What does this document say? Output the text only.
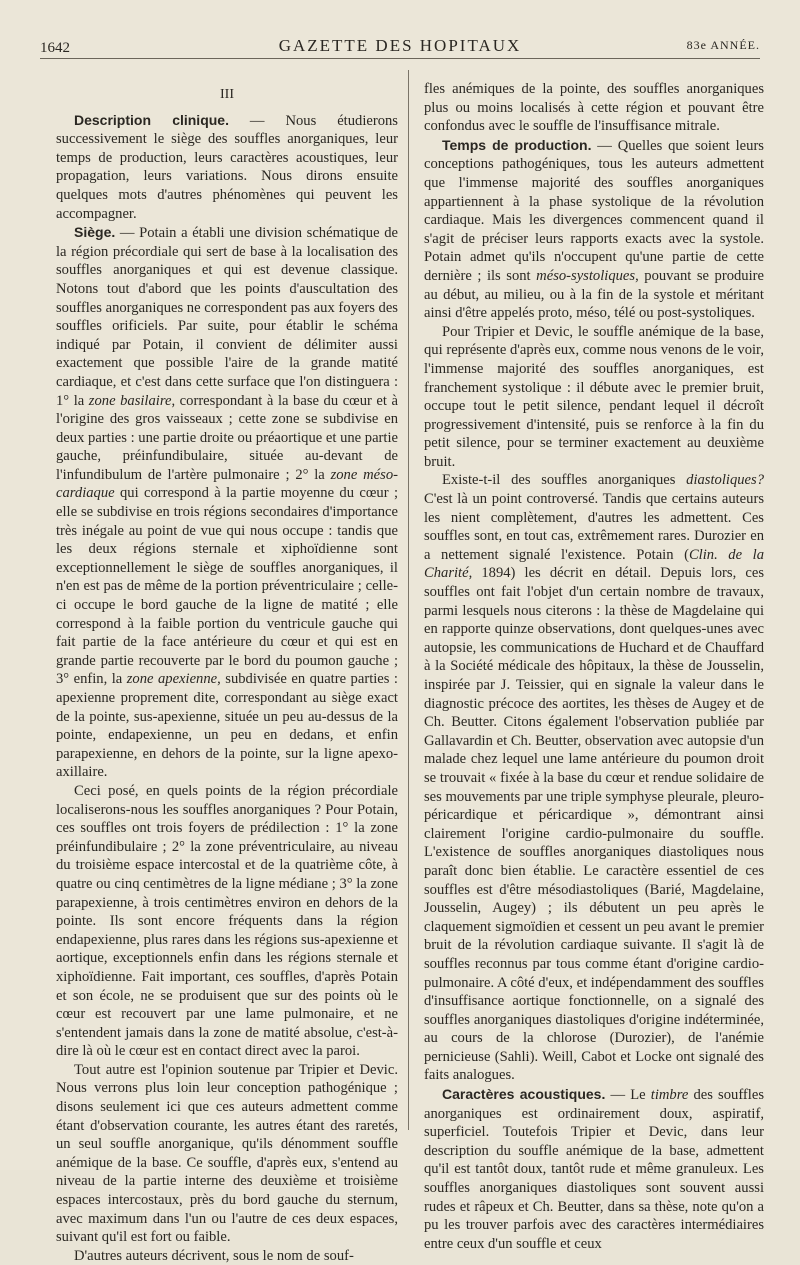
1642	GAZETTE DES HOPITAUX	83e ANNÉE.
III

Description clinique. — Nous étudierons successivement le siège des souffles anorganiques, leur temps de production, leurs caractères acoustiques, leur propagation, leurs variations. Nous dirons ensuite quelques mots d'autres phénomènes qui peuvent les accompagner.

Siège. — Potain a établi une division schématique de la région précordiale qui sert de base à la localisation des souffles anorganiques et qui est devenue classique. Notons tout d'abord que les points d'auscultation des souffles anorganiques ne correspondent pas aux foyers des souffles orificiels. Par suite, pour établir le schéma indiqué par Potain, il convient de délimiter aussi exactement que possible l'aire de la grande matité cardiaque, et c'est dans cette surface que l'on distinguera : 1° la zone basilaire, correspondant à la base du cœur et à l'origine des gros vaisseaux ; cette zone se subdivise en deux parties : une partie droite ou préaortique et une partie gauche, préinfundibulaire, située au-devant de l'infundibulum de l'artère pulmonaire ; 2° la zone méso-cardiaque qui correspond à la partie moyenne du cœur ; elle se subdivise en trois régions secondaires d'importance très inégale au point de vue qui nous occupe : tandis que les deux régions sternale et xiphoïdienne sont exceptionnellement le siège de souffles anorganiques, il n'en est pas de même de la portion préventriculaire ; celle-ci occupe le bord gauche de la ligne de matité ; elle correspond à la faible portion du ventricule gauche qui fait partie de la face antérieure du cœur et qui est en grande partie recouverte par le bord du poumon gauche ; 3° enfin, la zone apexienne, subdivisée en quatre parties : apexienne proprement dite, correspondant au siège exact de la pointe, sus-apexienne, située un peu au-dessus de la pointe, endapexienne, un peu en dedans, et enfin parapexienne, en dehors de la pointe, sur la ligne apexo-axillaire.

Ceci posé, en quels points de la région précordiale localiserons-nous les souffles anorganiques ? Pour Potain, ces souffles ont trois foyers de prédilection : 1° la zone préinfundibulaire ; 2° la zone préventriculaire, au niveau du troisième espace intercostal et de la quatrième côte, à quatre ou cinq centimètres de la ligne médiane ; 3° la zone parapexienne, à trois centimètres environ en dehors de la pointe. Ils sont encore fréquents dans la région endapexienne, plus rares dans les régions sus-apexienne et aortique, exceptionnels enfin dans les régions sternale et xiphoïdienne. Fait important, ces souffles, d'après Potain et son école, ne se produisent que sur des points où le cœur est recouvert par une lame pulmonaire, et ne s'entendent jamais dans la zone de matité absolue, c'est-à-dire là où le cœur est en contact direct avec la paroi.

Tout autre est l'opinion soutenue par Tripier et Devic. Nous verrons plus loin leur conception pathogénique ; disons seulement ici que ces auteurs admettent comme étant d'observation courante, les autres étant des raretés, un seul souffle anorganique, qu'ils dénomment souffle anémique de la base. Ce souffle, d'après eux, s'entend au niveau de la partie interne des deuxième et troisième espaces intercostaux, près du bord gauche du sternum, avec maximum dans l'un ou l'autre de ces deux espaces, suivant qu'il est fort ou faible.

D'autres auteurs décrivent, sous le nom de souf-

fles anémiques de la pointe, des souffles anorganiques plus ou moins localisés à cette région et pouvant être confondus avec le souffle de l'insuffisance mitrale.

Temps de production. — Quelles que soient leurs conceptions pathogéniques, tous les auteurs admettent que l'immense majorité des souffles anorganiques appartiennent à la phase systolique de la révolution cardiaque. Mais les divergences commencent quand il s'agit de préciser leurs rapports exacts avec la systole. Potain admet qu'ils n'occupent qu'une partie de cette dernière ; ils sont méso-systoliques, pouvant se produire au début, au milieu, ou à la fin de la systole et méritant ainsi d'être appelés proto, méso, télé ou post-systoliques.

Pour Tripier et Devic, le souffle anémique de la base, qui représente d'après eux, comme nous venons de le voir, l'immense majorité des souffles anorganiques, est franchement systolique : il débute avec le premier bruit, occupe tout le petit silence, pendant lequel il décroît progressivement d'intensité, puis se renforce à la fin du petit silence, pour se terminer exactement au deuxième bruit.

Existe-t-il des souffles anorganiques diastoliques? C'est là un point controversé. Tandis que certains auteurs les nient complètement, d'autres les admettent. Ces souffles sont, en tout cas, extrêmement rares. Durozier en a nettement signalé l'existence. Potain (Clin. de la Charité, 1894) les décrit en détail. Depuis lors, ces souffles ont fait l'objet d'un certain nombre de travaux, parmi lesquels nous citerons : la thèse de Magdelaine qui en rapporte quinze observations, dont quelques-unes avec autopsie, les communications de Huchard et de Chauffard à la Société médicale des hôpitaux, la thèse de Jousselin, inspirée par J. Teissier, qui en signale la valeur dans le diagnostic précoce des aortites, les thèses de Augey et de Ch. Beutter. Citons également l'observation publiée par Gallavardin et Ch. Beutter, observation avec autopsie d'un malade chez lequel une lame antérieure du poumon droit se trouvait « fixée à la base du cœur et rendue solidaire de ses mouvements par une triple symphyse pleurale, pleuro-péricardique et péricardique », démontrant ainsi clairement l'origine cardio-pulmonaire du souffle. L'existence de souffles anorganiques diastoliques nous paraît donc bien établie. Le caractère essentiel de ces souffles est d'être mésodiastoliques (Barié, Magdelaine, Jousselin, Augey) ; ils débutent un peu après le claquement sigmoïdien et cessent un peu avant le premier bruit de la révolution cardiaque suivante. Il s'agit là de souffles reconnus par tous comme étant d'origine cardio-pulmonaire. A côté d'eux, et indépendamment des souffles d'insuffisance aortique fonctionnelle, on a signalé des souffles anorganiques diastoliques d'origine indéterminée, au cours de la chlorose (Durozier), de l'anémie pernicieuse (Sahli). Weill, Cabot et Locke ont signalé des faits analogues.

Caractères acoustiques. — Le timbre des souffles anorganiques est ordinairement doux, aspiratif, superficiel. Toutefois Tripier et Devic, dans leur description du souffle anémique de la base, admettent qu'il est tantôt doux, tantôt rude et même granuleux. Les souffles anorganiques diastoliques sont souvent aussi rudes et râpeux et Ch. Beutter, dans sa thèse, note qu'on a pu les trouver parfois avec des caractères intermédiaires entre ceux d'un souffle et ceux
